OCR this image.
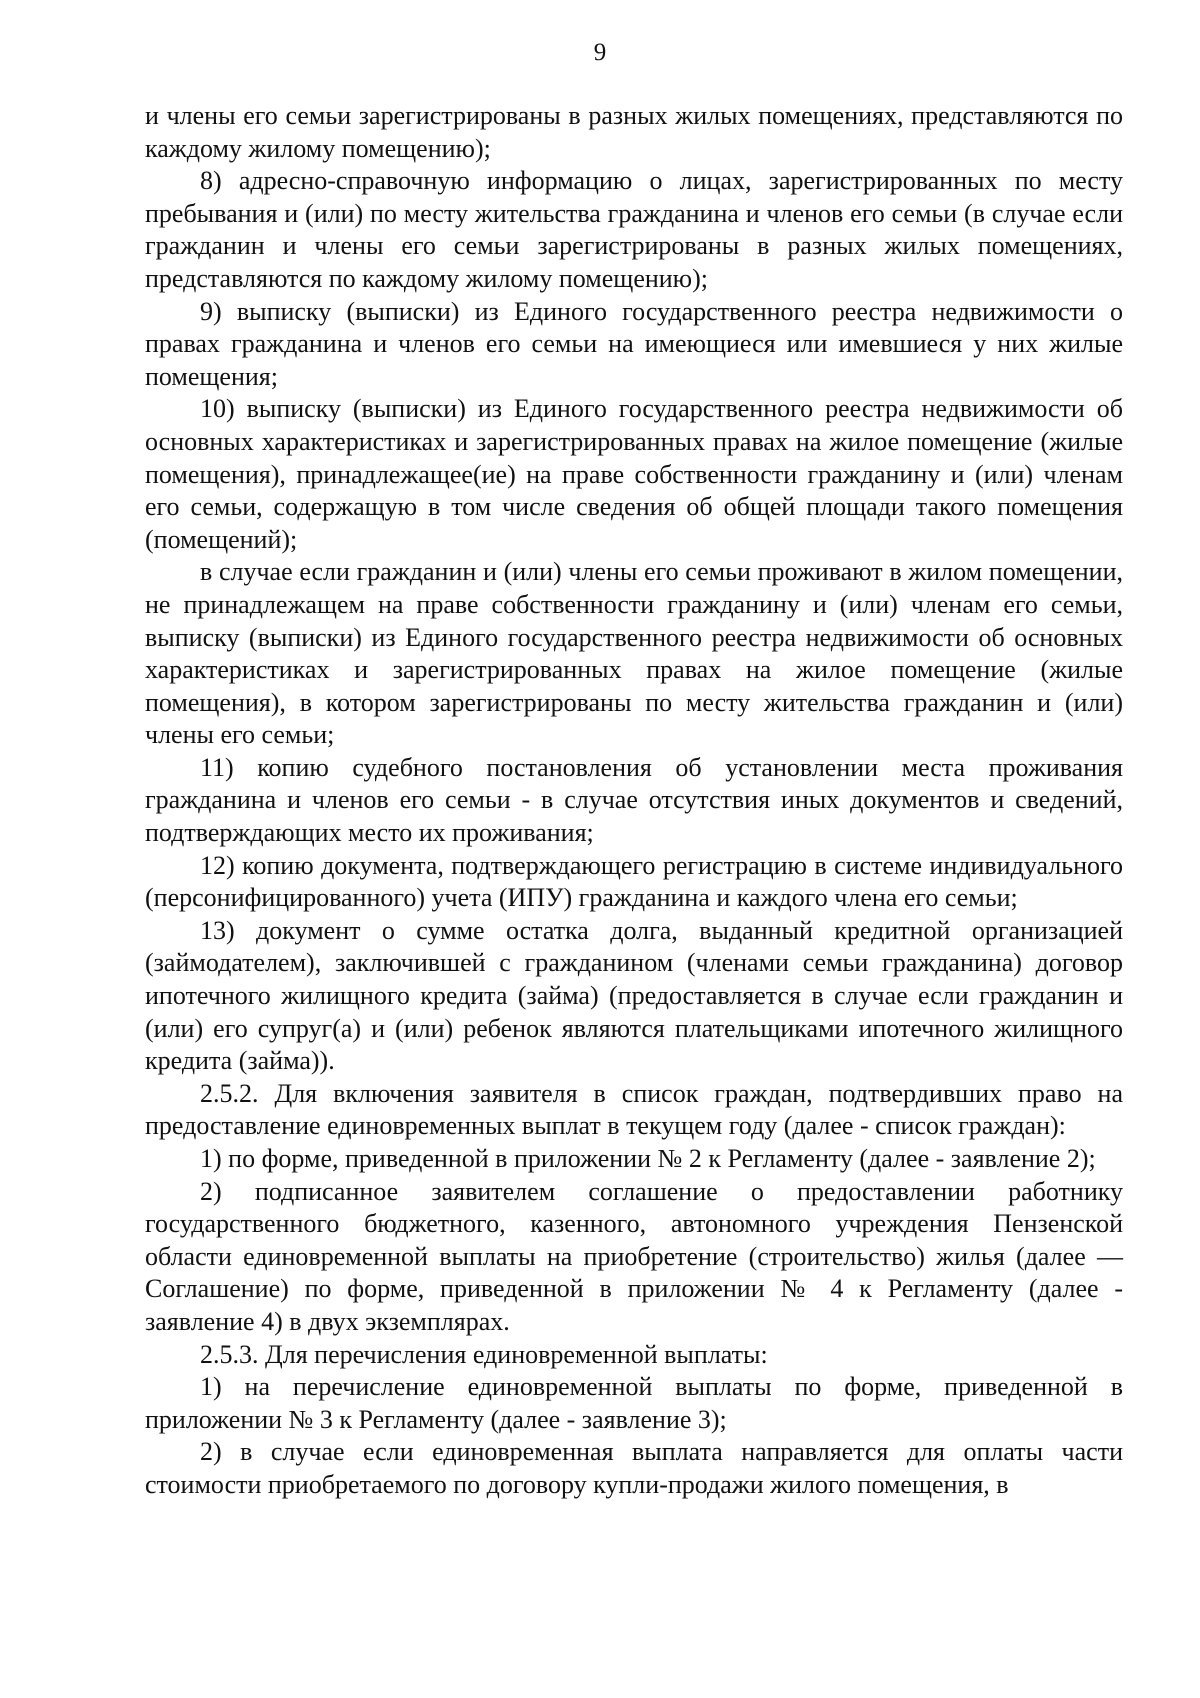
9

и члены его семьи зарегистрированы в разных жилых помещениях, представляются по каждому жилому помещению);

8) адресно-справочную информацию о лицах, зарегистрированных по месту пребывания и (или) по месту жительства гражданина и членов его семьи (в случае если гражданин и члены его семьи зарегистрированы в разных жилых помещениях, представляются по каждому жилому помещению);

9) выписку (выписки) из Единого государственного реестра недвижимости о правах гражданина и членов его семьи на имеющиеся или имевшиеся у них жилые помещения;

10) выписку (выписки) из Единого государственного реестра недвижимости об основных характеристиках и зарегистрированных правах на жилое помещение (жилые помещения), принадлежащее(ие) на праве собственности гражданину и (или) членам его семьи, содержащую в том числе сведения об общей площади такого помещения (помещений);

в случае если гражданин и (или) члены его семьи проживают в жилом помещении, не принадлежащем на праве собственности гражданину и (или) членам его семьи, выписку (выписки) из Единого государственного реестра недвижимости об основных характеристиках и зарегистрированных правах на жилое помещение (жилые помещения), в котором зарегистрированы по месту жительства гражданин и (или) члены его семьи;

11) копию судебного постановления об установлении места проживания гражданина и членов его семьи - в случае отсутствия иных документов и сведений, подтверждающих место их проживания;

12) копию документа, подтверждающего регистрацию в системе индивидуального (персонифицированного) учета (ИПУ) гражданина и каждого члена его семьи;

13) документ о сумме остатка долга, выданный кредитной организацией (займодателем), заключившей с гражданином (членами семьи гражданина) договор ипотечного жилищного кредита (займа) (предоставляется в случае если гражданин и (или) его супруг(а) и (или) ребенок являются плательщиками ипотечного жилищного кредита (займа)).

2.5.2. Для включения заявителя в список граждан, подтвердивших право на предоставление единовременных выплат в текущем году (далее - список граждан):

1) по форме, приведенной в приложении № 2 к Регламенту (далее - заявление 2);

2) подписанное заявителем соглашение о предоставлении работнику государственного бюджетного, казенного, автономного учреждения Пензенской области единовременной выплаты на приобретение (строительство) жилья (далее — Соглашение) по форме, приведенной в приложении № 4 к Регламенту (далее - заявление 4) в двух экземплярах.

2.5.3. Для перечисления единовременной выплаты:

1) на перечисление единовременной выплаты по форме, приведенной в приложении № 3 к Регламенту (далее - заявление 3);

2) в случае если единовременная выплата направляется для оплаты части стоимости приобретаемого по договору купли-продажи жилого помещения, в
